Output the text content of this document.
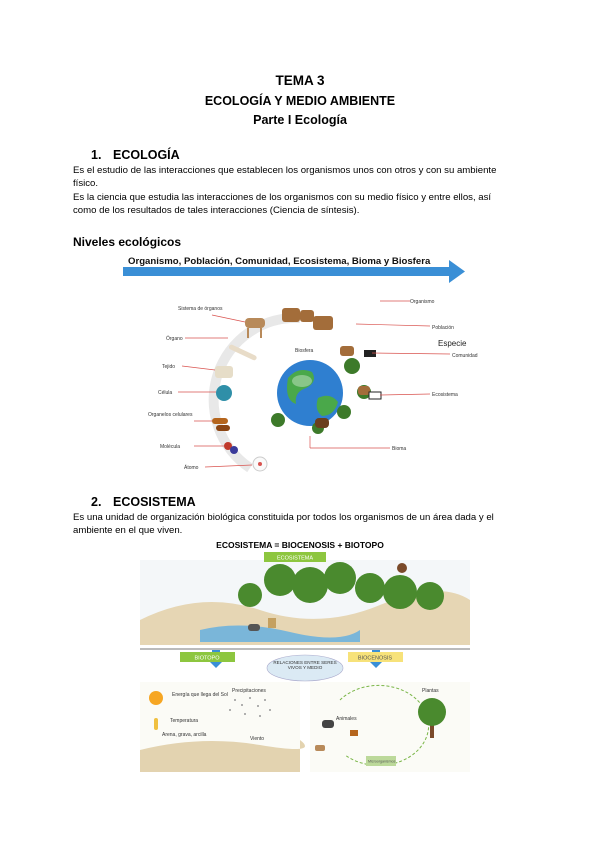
TEMA 3
ECOLOGÍA Y MEDIO AMBIENTE
Parte I Ecología
1. ECOLOGÍA
Es el estudio de las interacciones que establecen los organismos unos con otros y con su ambiente
físico.
Es la ciencia que estudia las interacciones de los organismos con su medio físico y entre ellos, así
como de los resultados de tales interacciones (Ciencia de síntesis).
Niveles ecológicos
Organismo, Población, Comunidad, Ecosistema, Bioma y Biosfera
Sistema de órganos
Órgano
Tejido
Célula
Organelos celulares
Molécula
Átomo
Organismo
Población
Especie
Comunidad
Biosfera
Ecosistema
Bioma
2. ECOSISTEMA
Es una unidad de organización biológica constituida por todos los organismos de un área dada y el
ambiente en el que viven.
ECOSISTEMA = BIOCENOSIS + BIOTOPO
ECOSISTEMA
BIOTOPO	BIOCENOSIS
RELACIONES ENTRE SERES VIVOS Y MEDIO
Energía que llega del Sol
Precipitaciones
Temperatura
Arena, grava, arcilla
Viento
Plantas
Animales
Microorganismos
